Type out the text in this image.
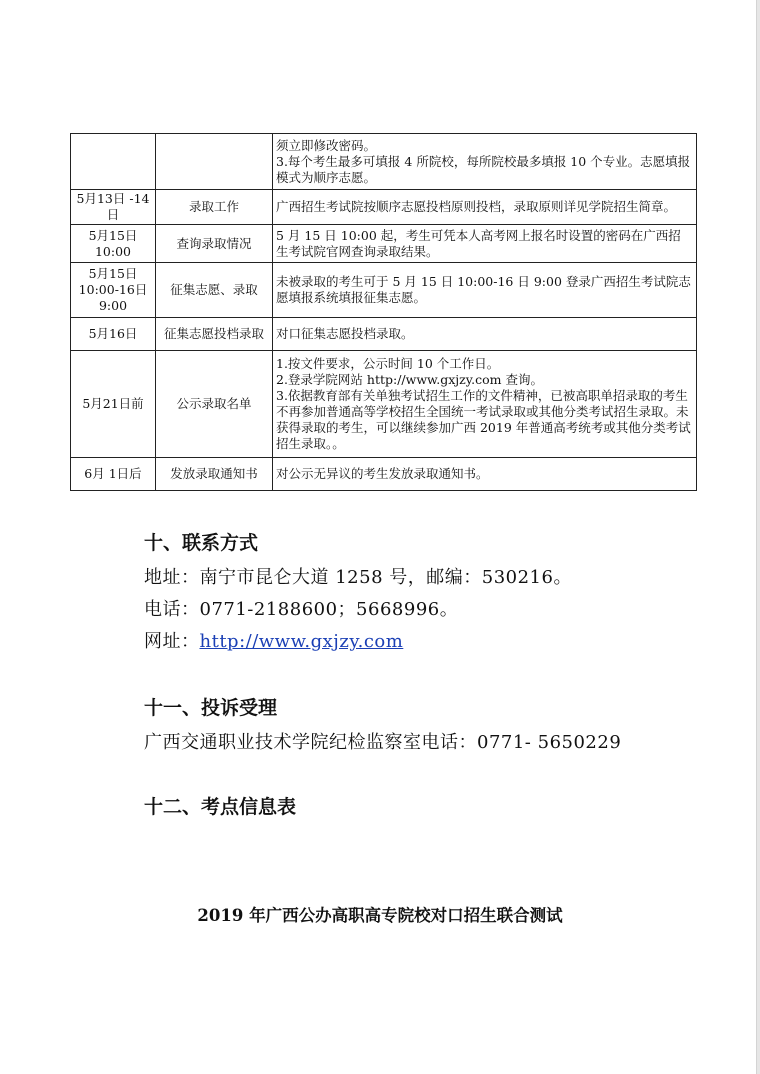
		须立即修改密码。
3.每个考生最多可填报 4 所院校，每所院校最多填报 10 个专业。志愿填报模式为顺序志愿。

5月13日 -14日	录取工作	广西招生考试院按顺序志愿投档原则投档，录取原则详见学院招生简章。

5月15日 10:00	查询录取情况	5 月 15 日 10:00 起，考生可凭本人高考网上报名时设置的密码在广西招生考试院官网查询录取结果。

5月15日 10:00-16日 9:00	征集志愿、录取	未被录取的考生可于 5 月 15 日 10:00-16 日 9:00 登录广西招生考试院志愿填报系统填报征集志愿。

5月16日	征集志愿投档录取	对口征集志愿投档录取。

5月21日前	公示录取名单	1.按文件要求，公示时间 10 个工作日。
2.登录学院网站 http://www.gxjzy.com 查询。
3.依据教育部有关单独考试招生工作的文件精神，已被高职单招录取的考生不再参加普通高等学校招生全国统一考试录取或其他分类考试招生录取。未获得录取的考生，可以继续参加广西 2019 年普通高考统考或其他分类考试招生录取。。

6月 1日后	发放录取通知书	对公示无异议的考生发放录取通知书。
十、联系方式
地址：南宁市昆仑大道 1258 号，邮编：530216。
电话：0771-2188600；5668996。
网址：http://www.gxjzy.com
十一、投诉受理
广西交通职业技术学院纪检监察室电话：0771- 5650229
十二、考点信息表
2019 年广西公办高职高专院校对口招生联合测试
